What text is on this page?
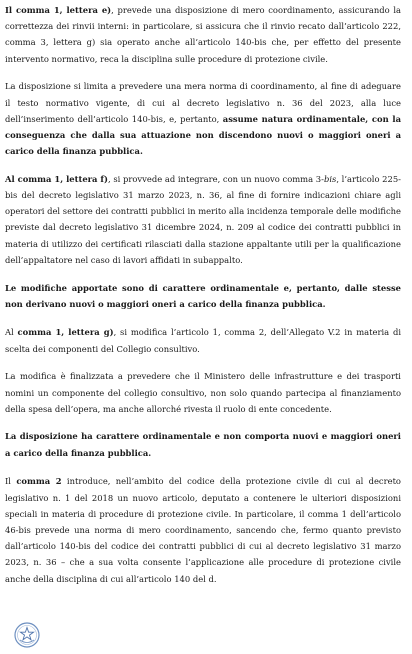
Il comma 1, lettera e), prevede una disposizione di mero coordinamento, assicurando la correttezza dei rinvii interni: in particolare, si assicura che il rinvio recato dall’articolo 222, comma 3, lettera g) sia operato anche all’articolo 140-bis che, per effetto del presente intervento normativo, reca la disciplina sulle procedure di protezione civile.

La disposizione si limita a prevedere una mera norma di coordinamento, al fine di adeguare il testo normativo vigente, di cui al decreto legislativo n. 36 del 2023, alla luce dell’inserimento dell’articolo 140-bis, e, pertanto, assume natura ordinamentale, con la conseguenza che dalla sua attuazione non discendono nuovi o maggiori oneri a carico della finanza pubblica.

Al comma 1, lettera f), si provvede ad integrare, con un nuovo comma 3-bis, l’articolo 225-bis del decreto legislativo 31 marzo 2023, n. 36, al fine di fornire indicazioni chiare agli operatori del settore dei contratti pubblici in merito alla incidenza temporale delle modifiche previste dal decreto legislativo 31 dicembre 2024, n. 209 al codice dei contratti pubblici in materia di utilizzo dei certificati rilasciati dalla stazione appaltante utili per la qualificazione dell’appaltatore nel caso di lavori affidati in subappalto.

Le modifiche apportate sono di carattere ordinamentale e, pertanto, dalle stesse non derivano nuovi o maggiori oneri a carico della finanza pubblica.

Al comma 1, lettera g), si modifica l’articolo 1, comma 2, dell’Allegato V.2 in materia di scelta dei componenti del Collegio consultivo.

La modifica è finalizzata a prevedere che il Ministero delle infrastrutture e dei trasporti nomini un componente del collegio consultivo, non solo quando partecipa al finanziamento della spesa dell’opera, ma anche allorché rivesta il ruolo di ente concedente.

La disposizione ha carattere ordinamentale e non comporta nuovi e maggiori oneri a carico della finanza pubblica.

Il comma 2 introduce, nell’ambito del codice della protezione civile di cui al decreto legislativo n. 1 del 2018 un nuovo articolo, deputato a contenere le ulteriori disposizioni speciali in materia di procedure di protezione civile. In particolare, il comma 1 dell’articolo 46-bis prevede una norma di mero coordinamento, sancendo che, fermo quanto previsto dall’articolo 140-bis del codice dei contratti pubblici di cui al decreto legislativo 31 marzo 2023, n. 36 – che a sua volta consente l’applicazione alle procedure di protezione civile anche della disciplina di cui all’articolo 140 del d.
